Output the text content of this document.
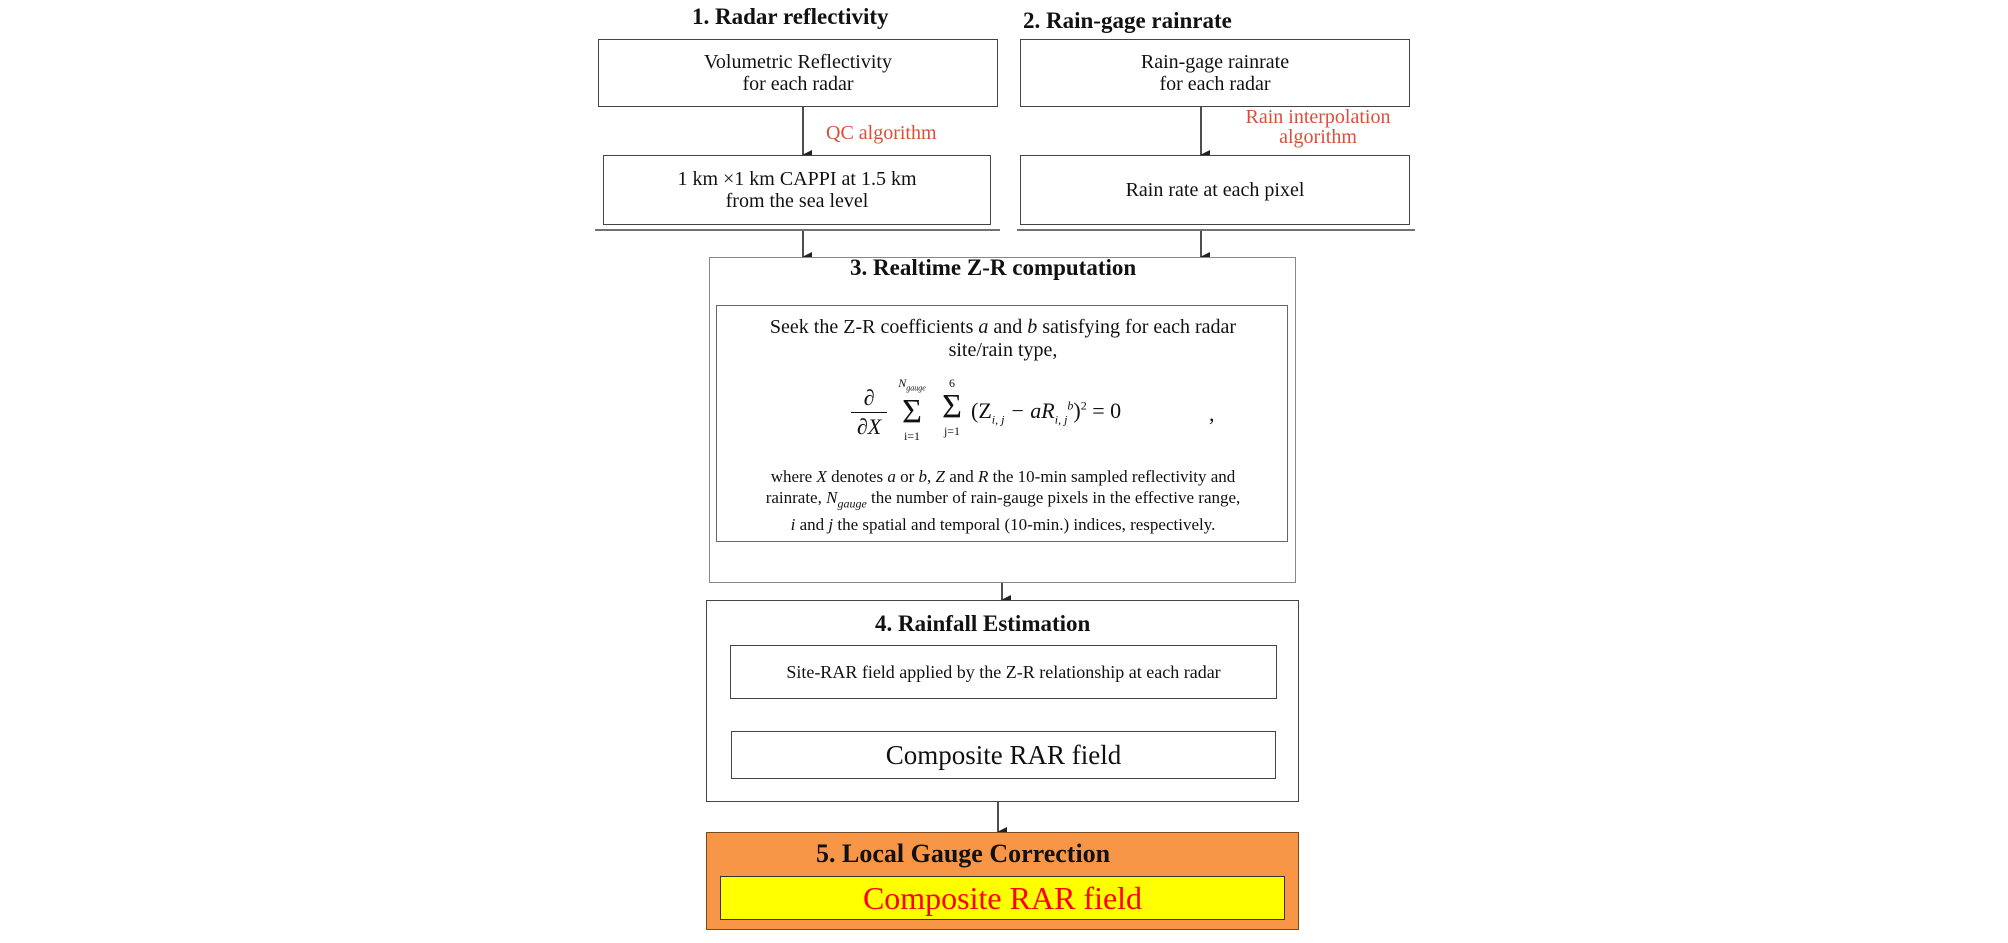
1. Radar reflectivity
Volumetric Reflectivity
for each radar
QC algorithm
1 km ×1 km CAPPI at 1.5 km
from the sea level
2. Rain-gage rainrate
Rain-gage rainrate
for each radar
Rain interpolation
algorithm
Rain rate at each pixel
3. Realtime Z-R computation
Seek the Z-R coefficients a and b satisfying for each radar
site/rain type,
∂
∂X
$N_{gauge}$
Σ
i=1
6
Σ
j=1
$(Z_{i, j} - aR_{i, j}^b)^2 = 0$	,
where X denotes a or b, Z and R the 10-min sampled reflectivity and
rainrate, $N_{gauge}$ the number of rain-gauge pixels in the effective range,
i and j the spatial and temporal (10-min.) indices, respectively.
4. Rainfall Estimation
Site-RAR field applied by the Z-R relationship at each radar
Composite RAR field
5. Local Gauge Correction
Composite RAR field
